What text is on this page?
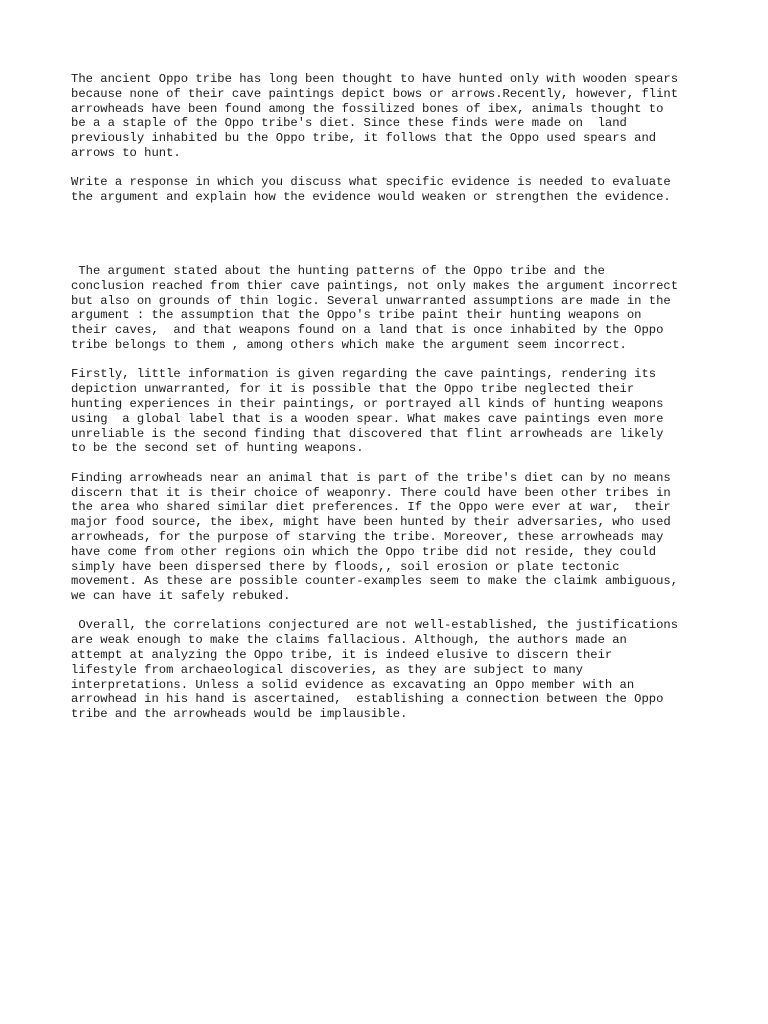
The ancient Oppo tribe has long been thought to have hunted only with wooden spears
because none of their cave paintings depict bows or arrows.Recently, however, flint
arrowheads have been found among the fossilized bones of ibex, animals thought to
be a a staple of the Oppo tribe's diet. Since these finds were made on  land
previously inhabited bu the Oppo tribe, it follows that the Oppo used spears and
arrows to hunt.

Write a response in which you discuss what specific evidence is needed to evaluate
the argument and explain how the evidence would weaken or strengthen the evidence.

The argument stated about the hunting patterns of the Oppo tribe and the
conclusion reached from thier cave paintings, not only makes the argument incorrect
but also on grounds of thin logic. Several unwarranted assumptions are made in the
argument : the assumption that the Oppo's tribe paint their hunting weapons on
their caves,  and that weapons found on a land that is once inhabited by the Oppo
tribe belongs to them , among others which make the argument seem incorrect.

Firstly, little information is given regarding the cave paintings, rendering its
depiction unwarranted, for it is possible that the Oppo tribe neglected their
hunting experiences in their paintings, or portrayed all kinds of hunting weapons
using  a global label that is a wooden spear. What makes cave paintings even more
unreliable is the second finding that discovered that flint arrowheads are likely
to be the second set of hunting weapons.

Finding arrowheads near an animal that is part of the tribe's diet can by no means
discern that it is their choice of weaponry. There could have been other tribes in
the area who shared similar diet preferences. If the Oppo were ever at war,  their
major food source, the ibex, might have been hunted by their adversaries, who used
arrowheads, for the purpose of starving the tribe. Moreover, these arrowheads may
have come from other regions oin which the Oppo tribe did not reside, they could
simply have been dispersed there by floods,, soil erosion or plate tectonic
movement. As these are possible counter-examples seem to make the claimk ambiguous,
we can have it safely rebuked.

Overall, the correlations conjectured are not well-established, the justifications
are weak enough to make the claims fallacious. Although, the authors made an
attempt at analyzing the Oppo tribe, it is indeed elusive to discern their
lifestyle from archaeological discoveries, as they are subject to many
interpretations. Unless a solid evidence as excavating an Oppo member with an
arrowhead in his hand is ascertained,  establishing a connection between the Oppo
tribe and the arrowheads would be implausible.
